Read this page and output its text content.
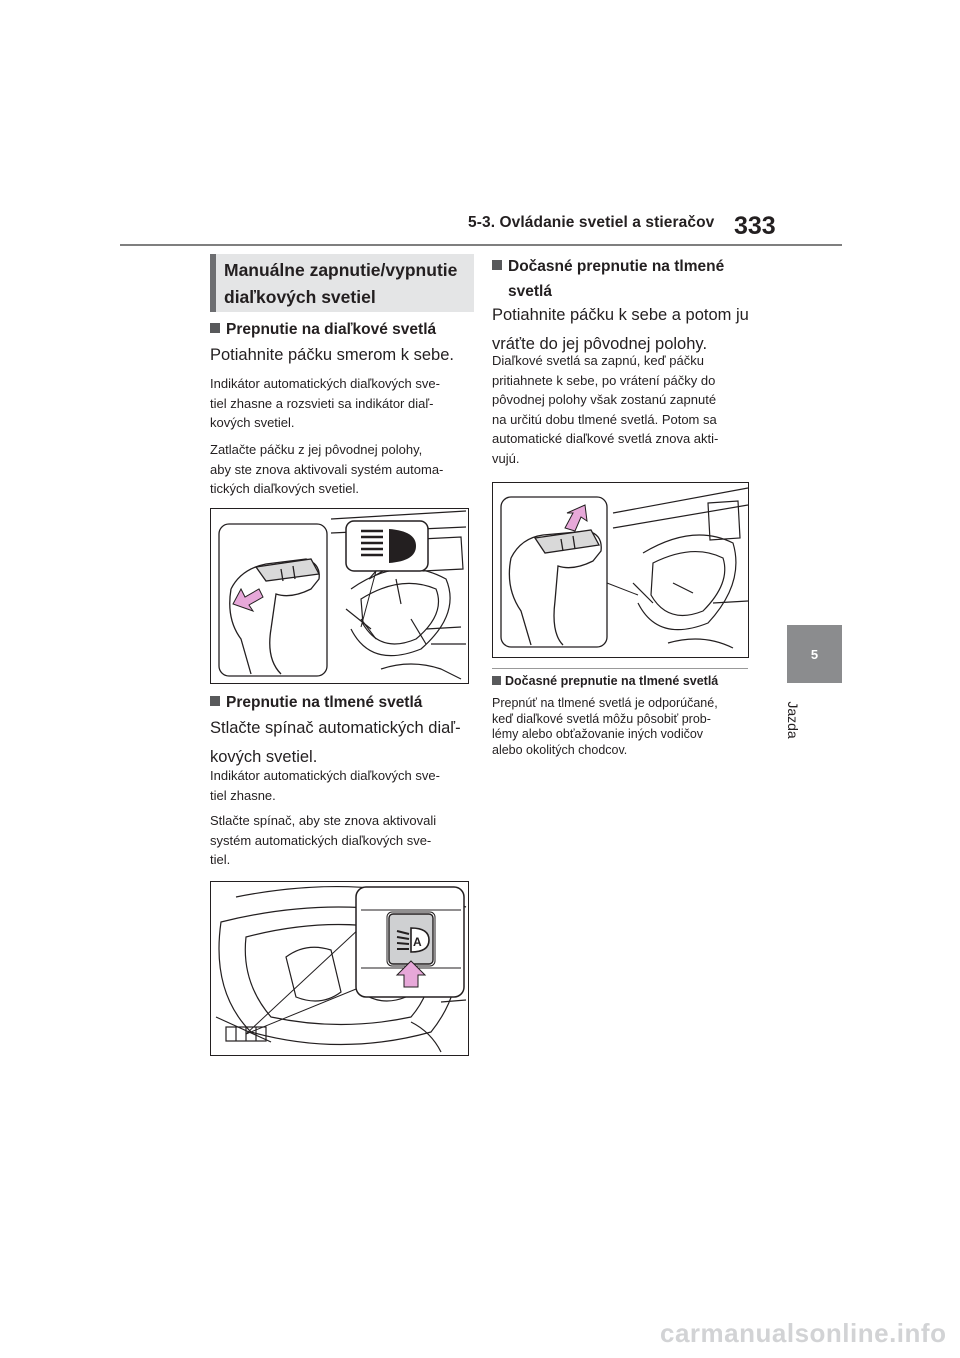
5-3. Ovládanie svetiel a stieračov 333
5
Jazda
Manuálne zapnutie/vypnutie diaľkových svetiel
Prepnutie na diaľkové svetlá
Potiahnite páčku smerom k sebe.
Indikátor automatických diaľkových sve-
tiel zhasne a rozsvieti sa indikátor diaľ-
kových svetiel.
Zatlačte páčku z jej pôvodnej polohy,
aby ste znova aktivovali systém automa-
tických diaľkových svetiel.
Prepnutie na tlmené svetlá
Stlačte spínač automatických diaľ-
kových svetiel.
Indikátor automatických diaľkových sve-
tiel zhasne.
Stlačte spínač, aby ste znova aktivovali
systém automatických diaľkových sve-
tiel.
A
Dočasné prepnutie na tlmené
svetlá
Potiahnite páčku k sebe a potom ju
vráťte do jej pôvodnej polohy.
Diaľkové svetlá sa zapnú, keď páčku
pritiahnete k sebe, po vrátení páčky do
pôvodnej polohy však zostanú zapnuté
na určitú dobu tlmené svetlá. Potom sa
automatické diaľkové svetlá znova akti-
vujú.
Dočasné prepnutie na tlmené svetlá
Prepnúť na tlmené svetlá je odporúčané,
keď diaľkové svetlá môžu pôsobiť prob-
lémy alebo obťažovanie iných vodičov
alebo okolitých chodcov.
carmanualsonline.info
